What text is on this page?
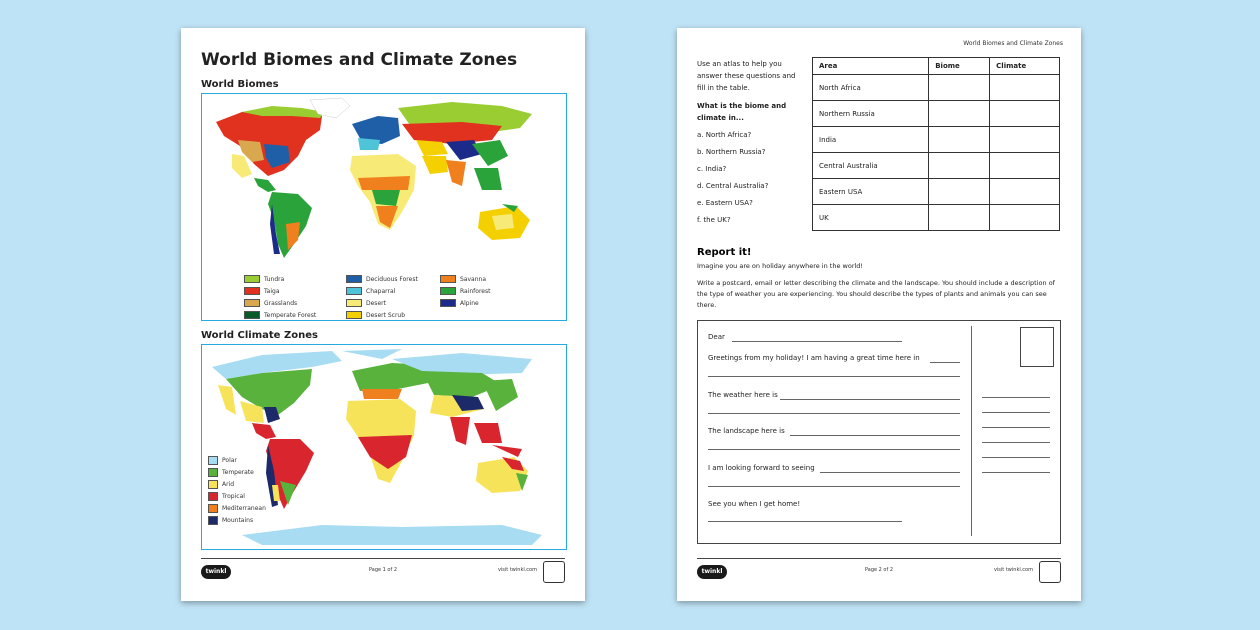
World Biomes and Climate Zones
World Biomes
Tundra
Taiga
Grasslands
Temperate Forest
Deciduous Forest
Chaparral
Desert
Desert Scrub
Savanna
Rainforest
Alpine
World Climate Zones
Polar
Temperate
Arid
Tropical
Mediterranean
Mountains
twinkl	Page 1 of 2	visit twinkl.com
World Biomes and Climate Zones
Use an atlas to help you answer these questions and fill in the table.
What is the biome and climate in...
a. North Africa?
b. Northern Russia?
c. India?
d. Central Australia?
e. Eastern USA?
f. the UK?
Area	Biome	Climate
North Africa		
Northern Russia		
India		
Central Australia		
Eastern USA		
UK		
Report it!
Imagine you are on holiday anywhere in the world!
Write a postcard, email or letter describing the climate and the landscape. You should include a description of the type of weather you are experiencing. You should describe the types of plants and animals you can see there.
Dear
Greetings from my holiday! I am having a great time here in
The weather here is
The landscape here is
I am looking forward to seeing
See you when I get home!
twinkl	Page 2 of 2	visit twinkl.com
